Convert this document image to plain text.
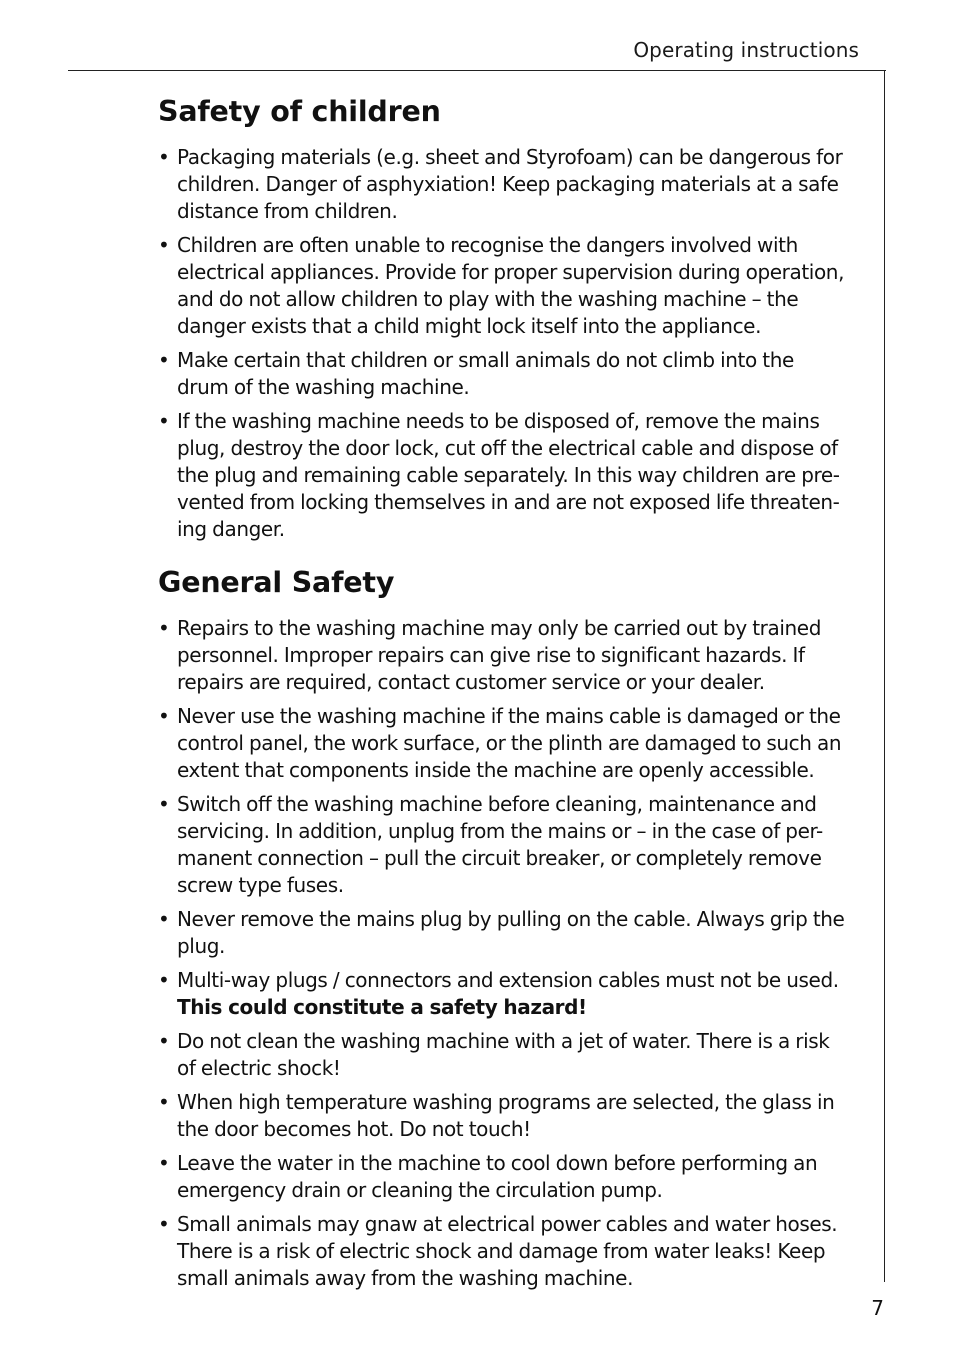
Operating instructions
Safety of children
• Packaging materials (e.g. sheet and Styrofoam) can be dangerous for
children. Danger of asphyxiation! Keep packaging materials at a safe
distance from children.
• Children are often unable to recognise the dangers involved with
electrical appliances. Provide for proper supervision during operation,
and do not allow children to play with the washing machine – the
danger exists that a child might lock itself into the appliance.
• Make certain that children or small animals do not climb into the
drum of the washing machine.
• If the washing machine needs to be disposed of, remove the mains
plug, destroy the door lock, cut off the electrical cable and dispose of
the plug and remaining cable separately. In this way children are pre-
vented from locking themselves in and are not exposed life threaten-
ing danger.
General Safety
• Repairs to the washing machine may only be carried out by trained
personnel. Improper repairs can give rise to significant hazards. If
repairs are required, contact customer service or your dealer.
• Never use the washing machine if the mains cable is damaged or the
control panel, the work surface, or the plinth are damaged to such an
extent that components inside the machine are openly accessible.
• Switch off the washing machine before cleaning, maintenance and
servicing. In addition, unplug from the mains or – in the case of per-
manent connection – pull the circuit breaker, or completely remove
screw type fuses.
• Never remove the mains plug by pulling on the cable. Always grip the
plug.
• Multi-way plugs / connectors and extension cables must not be used.
This could constitute a safety hazard!
• Do not clean the washing machine with a jet of water. There is a risk
of electric shock!
• When high temperature washing programs are selected, the glass in
the door becomes hot. Do not touch!
• Leave the water in the machine to cool down before performing an
emergency drain or cleaning the circulation pump.
• Small animals may gnaw at electrical power cables and water hoses.
There is a risk of electric shock and damage from water leaks! Keep
small animals away from the washing machine.
7
